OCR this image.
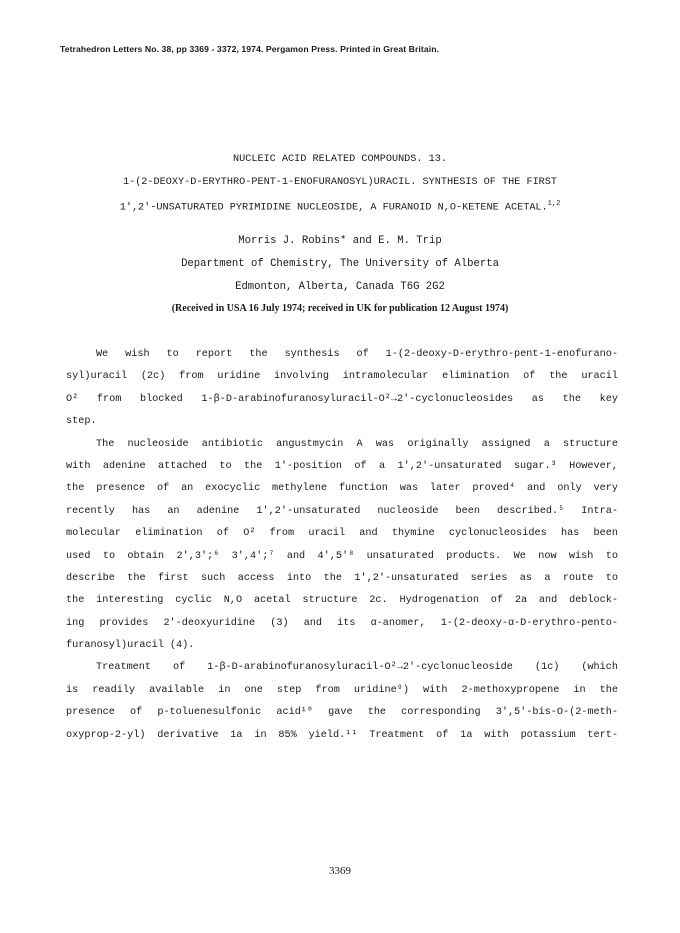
Tetrahedron Letters No. 38, pp 3369 - 3372, 1974. Pergamon Press. Printed in Great Britain.
NUCLEIC ACID RELATED COMPOUNDS. 13.
1-(2-DEOXY-D-ERYTHRO-PENT-1-ENOFURANOSYL)URACIL. SYNTHESIS OF THE FIRST
1',2'-UNSATURATED PYRIMIDINE NUCLEOSIDE, A FURANOID N,O-KETENE ACETAL.$^{1,2}$
Morris J. Robins* and E. M. Trip
Department of Chemistry, The University of Alberta
Edmonton, Alberta, Canada T6G 2G2
(Received in USA 16 July 1974; received in UK for publication 12 August 1974)
We wish to report the synthesis of 1-(2-deoxy-D-erythro-pent-1-enofurano-
syl)uracil (2c) from uridine involving intramolecular elimination of the uracil
O² from blocked 1-β-D-arabinofuranosyluracil-O²→2'-cyclonucleosides as the key
step.
The nucleoside antibiotic angustmycin A was originally assigned a structure
with adenine attached to the 1'-position of a 1',2'-unsaturated sugar.³ However,
the presence of an exocyclic methylene function was later proved⁴ and only very
recently has an adenine 1',2'-unsaturated nucleoside been described.⁵ Intra-
molecular elimination of O² from uracil and thymine cyclonucleosides has been
used to obtain 2',3';⁶ 3',4';⁷ and 4',5'⁸ unsaturated products. We now wish to
describe the first such access into the 1',2'-unsaturated series as a route to
the interesting cyclic N,O acetal structure 2c. Hydrogenation of 2a and deblock-
ing provides 2'-deoxyuridine (3) and its α-anomer, 1-(2-deoxy-α-D-erythro-pento-
furanosyl)uracil (4).
Treatment of 1-β-D-arabinofuranosyluracil-O²→2'-cyclonucleoside (1c) (which
is readily available in one step from uridine⁹) with 2-methoxypropene in the
presence of p-toluenesulfonic acid¹⁰ gave the corresponding 3',5'-bis-O-(2-meth-
oxyprop-2-yl) derivative 1a in 85% yield.¹¹ Treatment of 1a with potassium tert-
3369
